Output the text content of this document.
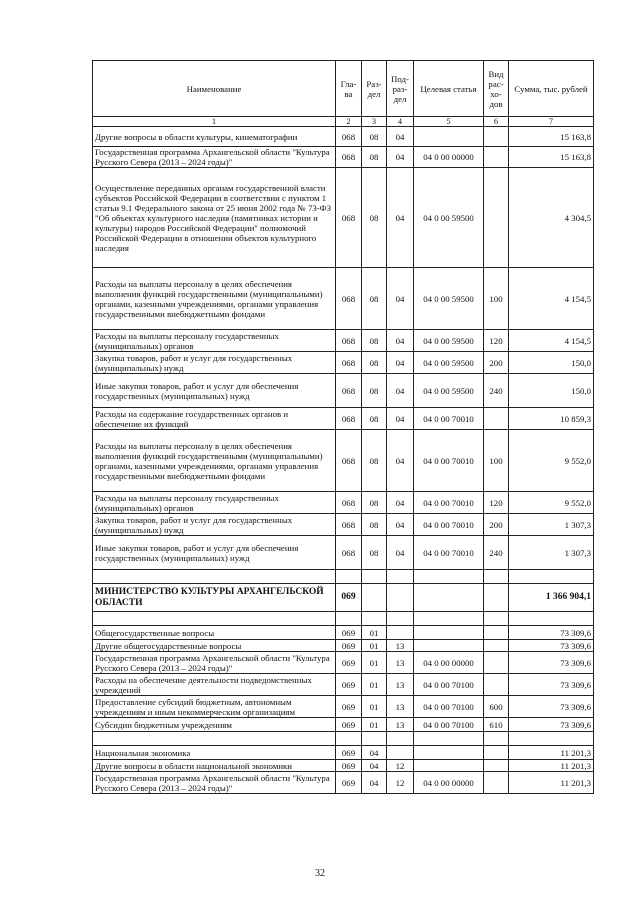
Наименование	Гла-ва	Раз-дел	Под-раз-дел	Целевая статья	Вид рас-хо-дов	Сумма, тыс. рублей
1	2	3	4	5	6	7
Другие вопросы в области культуры, кинематографии	068	08	04			15 163,8
Государственная программа Архангельской области "Культура Русского Севера (2013 – 2024 годы)"	068	08	04	04 0 00 00000		15 163,8
Осуществление переданных органам государственной власти субъектов Российской Федерации в соответствии с пунктом 1 статьи 9.1 Федерального закона от 25 июня 2002 года № 73-ФЗ "Об объектах культурного наследия (памятниках истории и культуры) народов Российской Федерации" полномочий Российской Федерации в отношении объектов культурного наследия	068	08	04	04 0 00 59500		4 304,5
Расходы на выплаты персоналу в целях обеспечения выполнения функций государственными (муниципальными) органами, казенными учреждениями, органами управления государственными внебюджетными фондами	068	08	04	04 0 00 59500	100	4 154,5
Расходы на выплаты персоналу государственных (муниципальных) органов	068	08	04	04 0 00 59500	120	4 154,5
Закупка товаров, работ и услуг для государственных (муниципальных) нужд	068	08	04	04 0 00 59500	200	150,0
Иные закупки товаров, работ и услуг для обеспечения государственных (муниципальных) нужд	068	08	04	04 0 00 59500	240	150,0
Расходы на содержание государственных органов и обеспечение их функций	068	08	04	04 0 00 70010		10 859,3
Расходы на выплаты персоналу в целях обеспечения выполнения функций государственными (муниципальными) органами, казенными учреждениями, органами управления государственными внебюджетными фондами	068	08	04	04 0 00 70010	100	9 552,0
Расходы на выплаты персоналу государственных (муниципальных) органов	068	08	04	04 0 00 70010	120	9 552,0
Закупка товаров, работ и услуг для государственных (муниципальных) нужд	068	08	04	04 0 00 70010	200	1 307,3
Иные закупки товаров, работ и услуг для обеспечения государственных (муниципальных) нужд	068	08	04	04 0 00 70010	240	1 307,3

МИНИСТЕРСТВО КУЛЬТУРЫ АРХАНГЕЛЬСКОЙ ОБЛАСТИ	069					1 366 904,1

Общегосударственные вопросы	069	01				73 309,6
Другие общегосударственные вопросы	069	01	13			73 309,6
Государственная программа Архангельской области "Культура Русского Севера (2013 – 2024 годы)"	069	01	13	04 0 00 00000		73 309,6
Расходы на обеспечение деятельности подведомственных учреждений	069	01	13	04 0 00 70100		73 309,6
Предоставление субсидий бюджетным, автономным учреждениям и иным некоммерческим организациям	069	01	13	04 0 00 70100	600	73 309,6
Субсидии бюджетным учреждениям	069	01	13	04 0 00 70100	610	73 309,6

Национальная экономика	069	04				11 201,3
Другие вопросы в области национальной экономики	069	04	12			11 201,3
Государственная программа Архангельской области "Культура Русского Севера (2013 – 2024 годы)"	069	04	12	04 0 00 00000		11 201,3
32
